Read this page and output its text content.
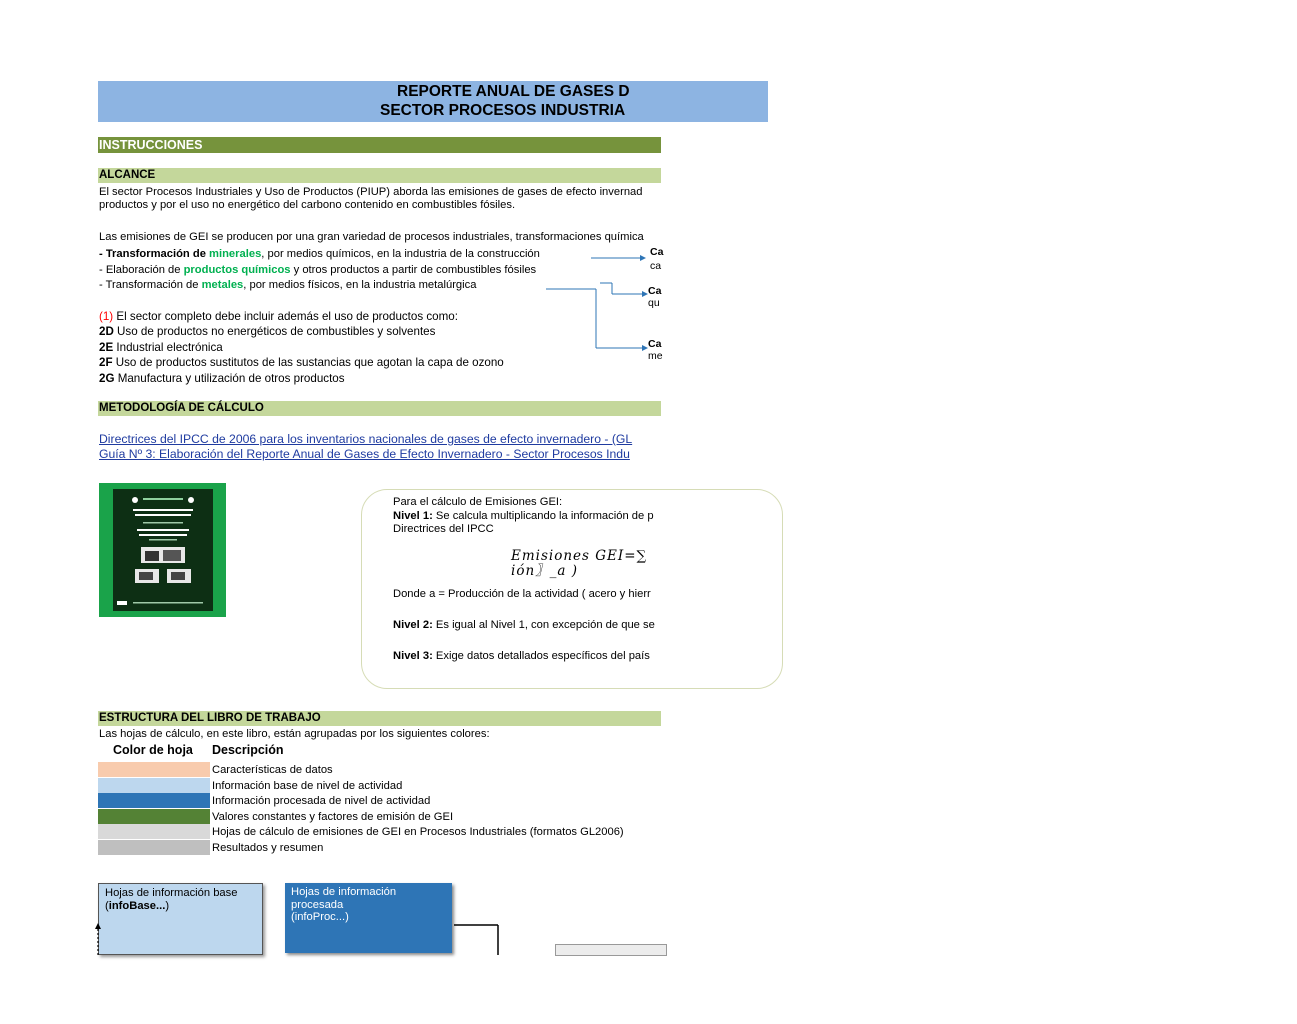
REPORTE ANUAL DE GASES D
SECTOR PROCESOS INDUSTRIA
INSTRUCCIONES
ALCANCE
El sector Procesos Industriales y Uso de Productos (PIUP) aborda las emisiones de gases de efecto invernad
productos y por el uso no energético del carbono contenido en combustibles fósiles.
Las emisiones de GEI se producen por una gran variedad de procesos industriales, transformaciones química
- Transformación de minerales, por medios químicos, en la industria de la construcción
- Elaboración de productos químicos y otros productos a partir de combustibles fósiles
- Transformación de metales, por medios físicos, en la industria metalúrgica
Ca
ca
Ca
qu
Ca
me
(1) El sector completo debe incluir además el uso de productos como:
2D Uso de productos no energéticos de combustibles y solventes
2E Industrial electrónica
2F Uso de productos sustitutos de las sustancias que agotan la capa de ozono
2G Manufactura y utilización de otros productos
METODOLOGÍA DE CÁLCULO
Directrices del IPCC de 2006 para los inventarios nacionales de gases de efecto invernadero - (GL
Guía Nº 3: Elaboración del Reporte Anual de Gases de Efecto Invernadero - Sector Procesos Indu
Para el cálculo de Emisiones GEI:
Nivel 1: Se calcula multiplicando la información de p
Directrices del IPCC
Emisiones GEI=∑
ión〗_a )
Donde a = Producción de la actividad ( acero y hierr
Nivel 2: Es igual al Nivel 1, con excepción de que se
Nivel 3: Exige datos detallados específicos del país
ESTRUCTURA DEL LIBRO DE TRABAJO
Las hojas de cálculo, en este libro, están agrupadas por los siguientes colores:
Color de hoja Descripción
Características de datos
Información base de nivel de actividad
Información procesada de nivel de actividad
Valores constantes y factores de emisión de GEI
Hojas de cálculo de emisiones de GEI en Procesos Industriales (formatos GL2006)
Resultados y resumen
Hojas de información base
(infoBase...)
Hojas de información
procesada
(infoProc...)
